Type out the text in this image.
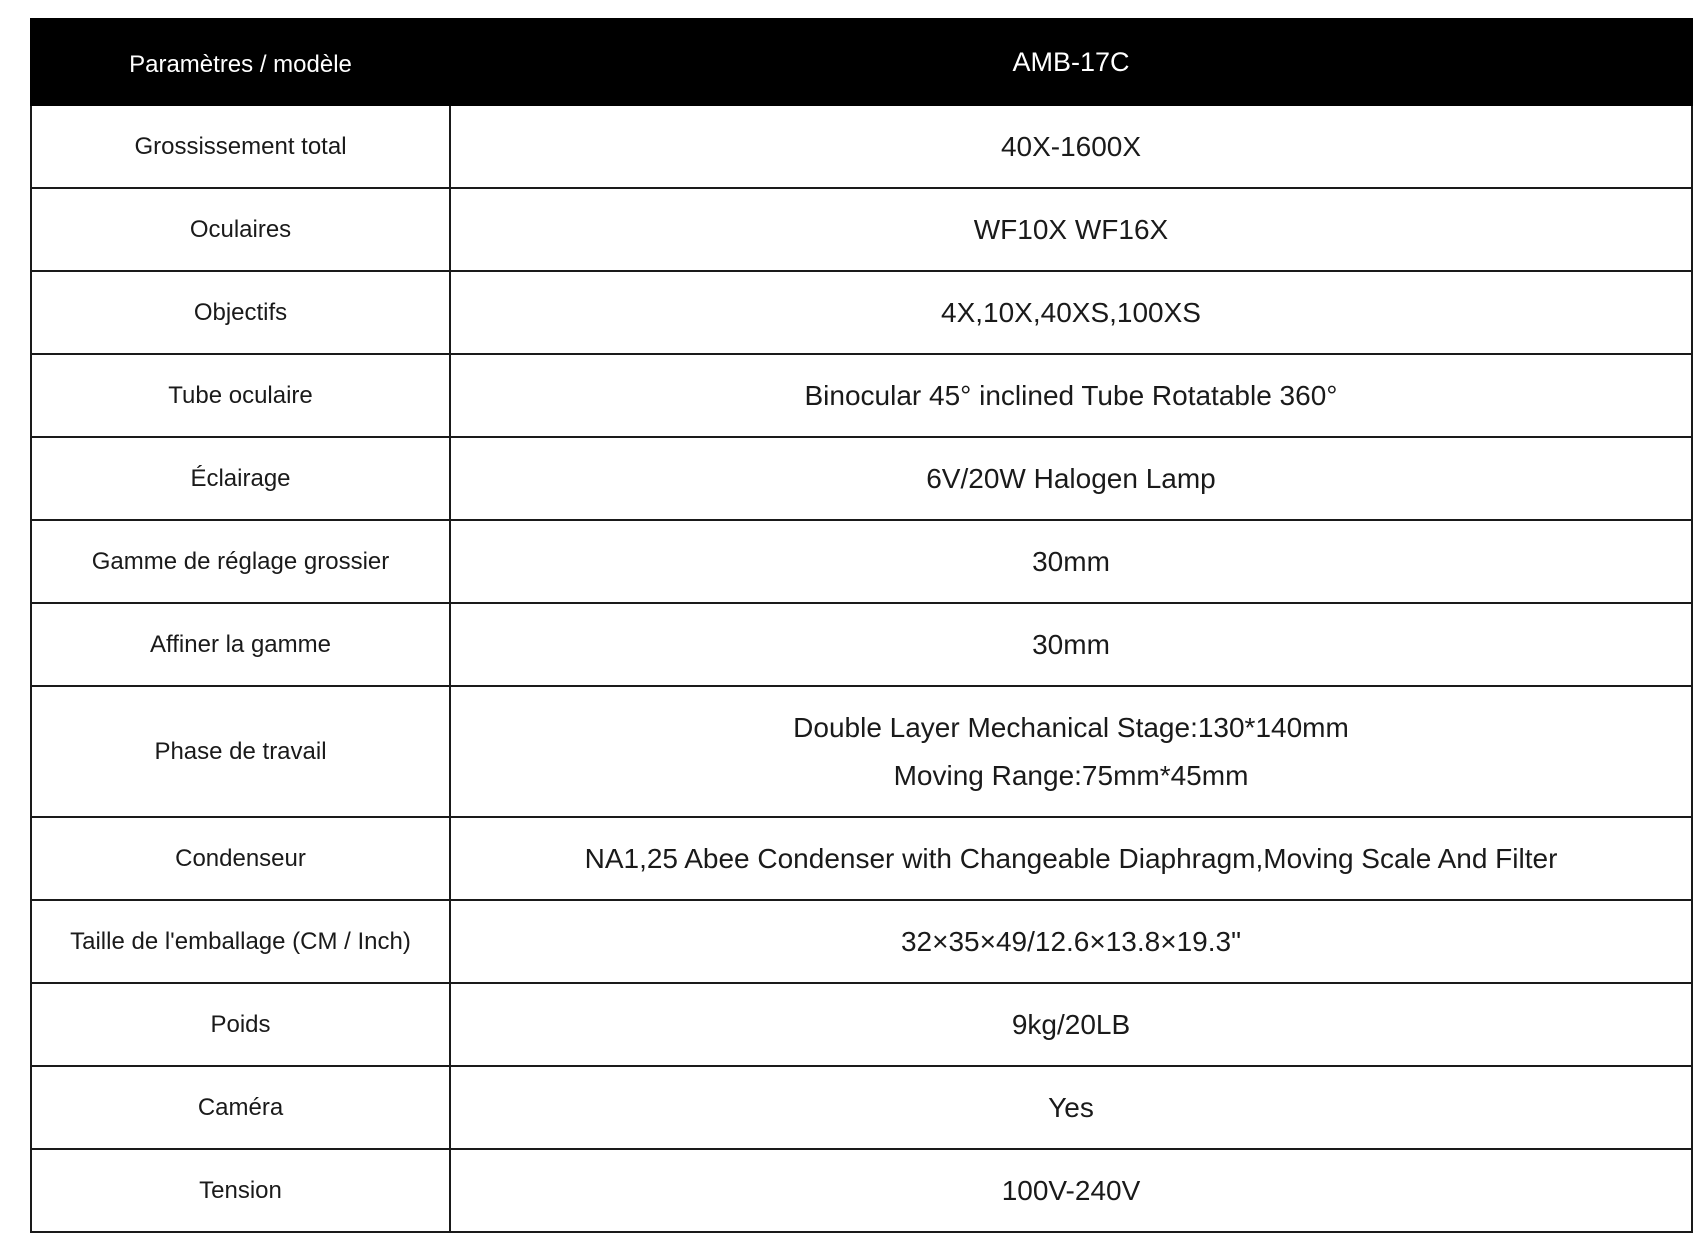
Paramètres / modèle	AMB-17C

Grossissement total	40X-1600X

Oculaires	WF10X WF16X

Objectifs	4X,10X,40XS,100XS

Tube oculaire	Binocular 45° inclined Tube Rotatable 360°

Éclairage	6V/20W Halogen Lamp

Gamme de réglage grossier	30mm

Affiner la gamme	30mm

Phase de travail	Double Layer Mechanical Stage:130*140mm
Moving Range:75mm*45mm

Condenseur	NA1,25 Abee Condenser with Changeable Diaphragm,Moving Scale And Filter

Taille de l'emballage (CM / Inch)	32×35×49/12.6×13.8×19.3"

Poids	9kg/20LB

Caméra	Yes

Tension	100V-240V
